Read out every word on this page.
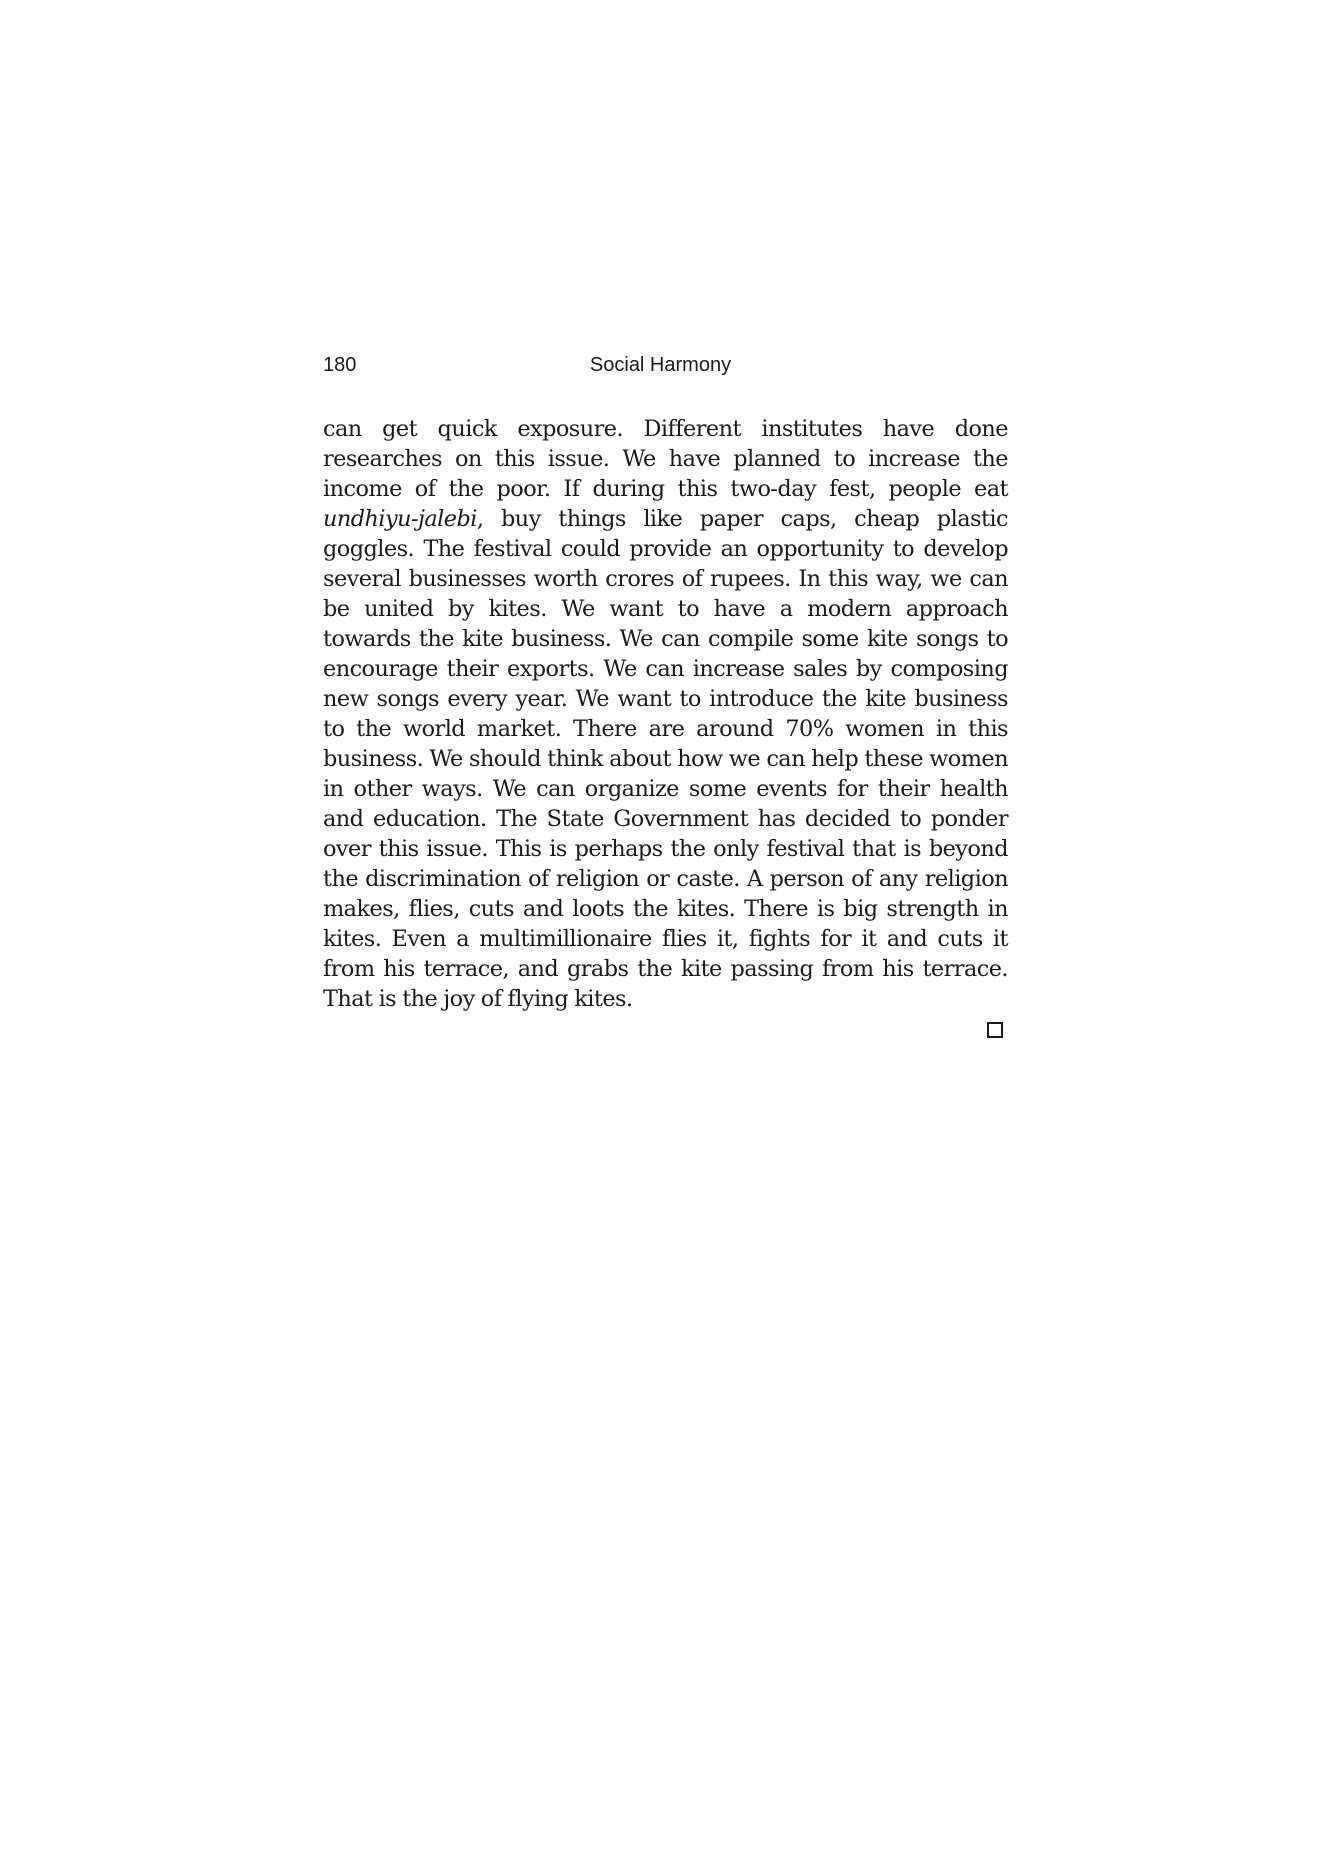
180	Social Harmony

can get quick exposure. Different institutes have done researches on this issue. We have planned to increase the income of the poor. If during this two-day fest, people eat undhiyu-jalebi, buy things like paper caps, cheap plastic goggles. The festival could provide an opportunity to develop several businesses worth crores of rupees. In this way, we can be united by kites. We want to have a modern approach towards the kite business. We can compile some kite songs to encourage their exports. We can increase sales by composing new songs every year. We want to introduce the kite business to the world market. There are around 70% women in this business. We should think about how we can help these women in other ways. We can organize some events for their health and education. The State Government has decided to ponder over this issue. This is perhaps the only festival that is beyond the discrimination of religion or caste. A person of any religion makes, flies, cuts and loots the kites. There is big strength in kites. Even a multimillionaire flies it, fights for it and cuts it from his terrace, and grabs the kite passing from his terrace. That is the joy of flying kites.
